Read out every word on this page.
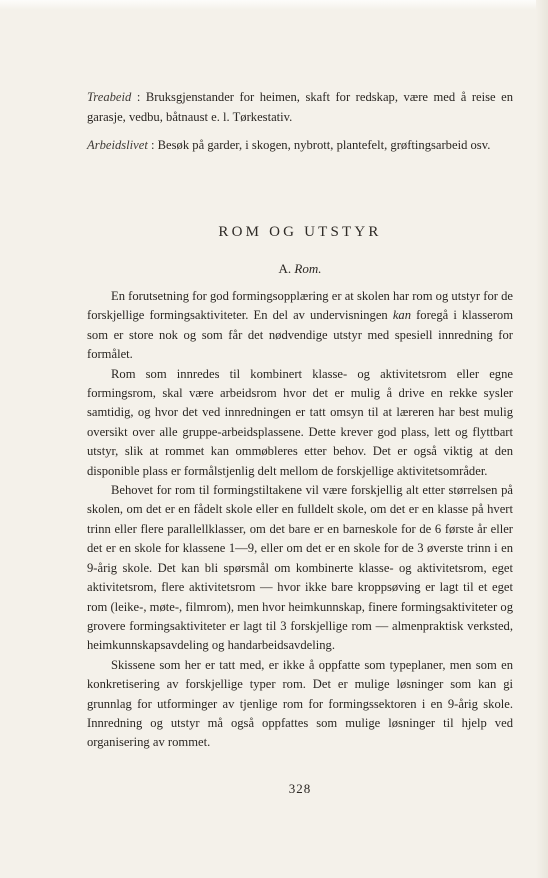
Treabeid : Bruksgjenstander for heimen, skaft for redskap, være med å reise en garasje, vedbu, båtnaust e. l. Tørkestativ.

Arbeidslivet : Besøk på garder, i skogen, nybrott, plantefelt, grøftingsarbeid osv.

ROM OG UTSTYR
A. Rom.

En forutsetning for god formingsopplæring er at skolen har rom og utstyr for de forskjellige formingsaktiviteter. En del av undervisningen kan foregå i klasserom som er store nok og som får det nødvendige utstyr med spesiell innredning for formålet.

Rom som innredes til kombinert klasse- og aktivitetsrom eller egne formingsrom, skal være arbeidsrom hvor det er mulig å drive en rekke sysler samtidig, og hvor det ved innredningen er tatt omsyn til at læreren har best mulig oversikt over alle gruppe-arbeidsplassene. Dette krever god plass, lett og flyttbart utstyr, slik at rommet kan ommøbleres etter behov. Det er også viktig at den disponible plass er formålstjenlig delt mellom de forskjellige aktivitetsområder.

Behovet for rom til formingstiltakene vil være forskjellig alt etter størrelsen på skolen, om det er en fådelt skole eller en fulldelt skole, om det er en klasse på hvert trinn eller flere parallellklasser, om det bare er en barneskole for de 6 første år eller det er en skole for klassene 1—9, eller om det er en skole for de 3 øverste trinn i en 9-årig skole. Det kan bli spørsmål om kombinerte klasse- og aktivitetsrom, eget aktivitetsrom, flere aktivitetsrom — hvor ikke bare kroppsøving er lagt til et eget rom (leike-, møte-, filmrom), men hvor heimkunnskap, finere formingsaktiviteter og grovere formingsaktiviteter er lagt til 3 forskjellige rom — almenpraktisk verksted, heimkunnskapsavdeling og handarbeidsavdeling.

Skissene som her er tatt med, er ikke å oppfatte som typeplaner, men som en konkretisering av forskjellige typer rom. Det er mulige løsninger som kan gi grunnlag for utforminger av tjenlige rom for formingssektoren i en 9-årig skole. Innredning og utstyr må også oppfattes som mulige løsninger til hjelp ved organisering av rommet.

328
